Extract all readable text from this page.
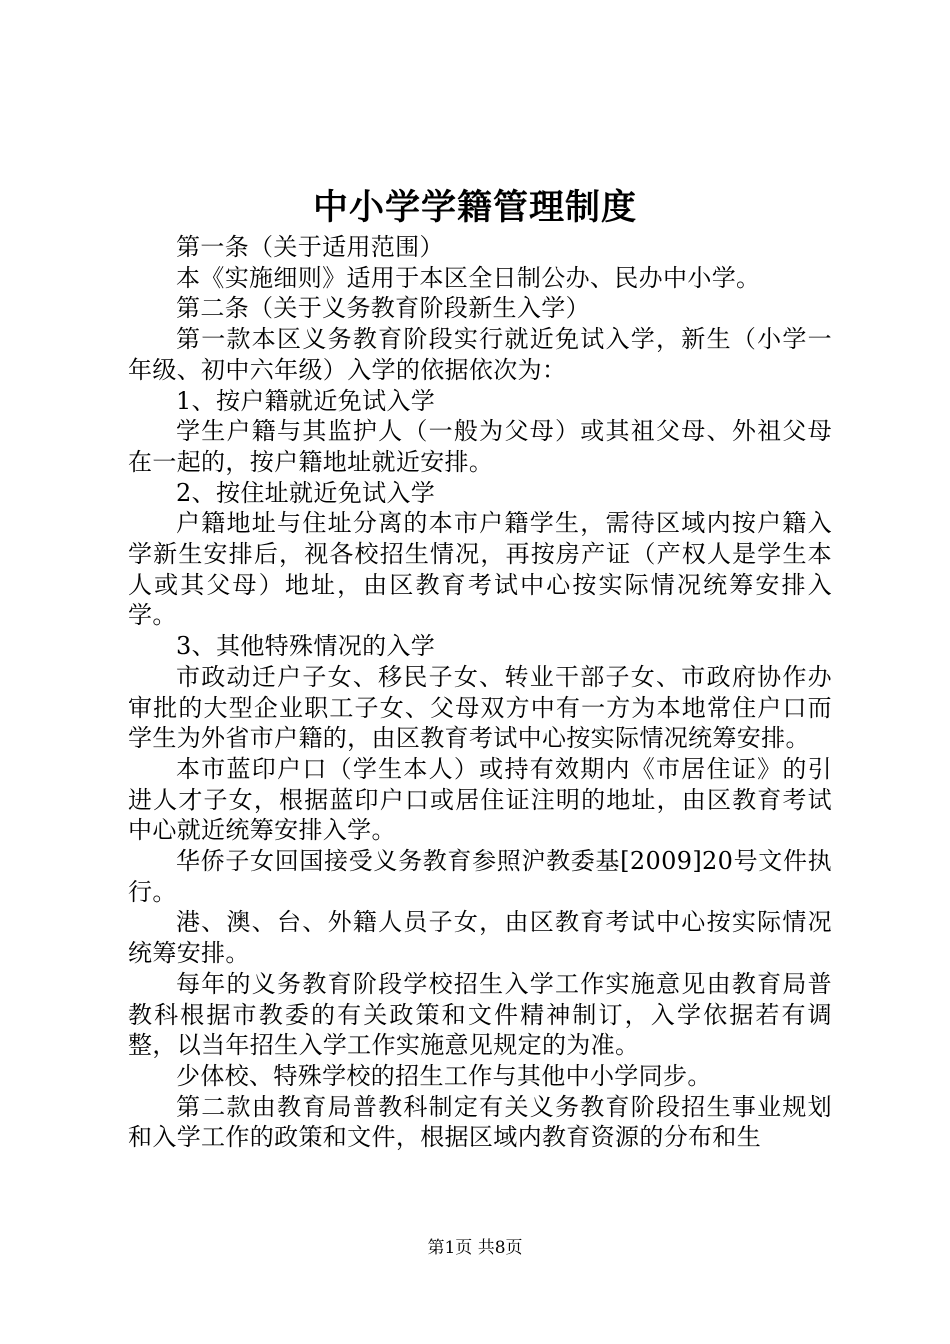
中小学学籍管理制度

第一条（关于适用范围）

本《实施细则》适用于本区全日制公办、民办中小学。

第二条（关于义务教育阶段新生入学）

第一款本区义务教育阶段实行就近免试入学，新生（小学一年级、初中六年级）入学的依据依次为：

1、按户籍就近免试入学

学生户籍与其监护人（一般为父母）或其祖父母、外祖父母在一起的，按户籍地址就近安排。

2、按住址就近免试入学

户籍地址与住址分离的本市户籍学生，需待区域内按户籍入学新生安排后，视各校招生情况，再按房产证（产权人是学生本人或其父母）地址，由区教育考试中心按实际情况统筹安排入学。

3、其他特殊情况的入学

市政动迁户子女、移民子女、转业干部子女、市政府协作办审批的大型企业职工子女、父母双方中有一方为本地常住户口而学生为外省市户籍的，由区教育考试中心按实际情况统筹安排。

本市蓝印户口（学生本人）或持有效期内《市居住证》的引进人才子女，根据蓝印户口或居住证注明的地址，由区教育考试中心就近统筹安排入学。

华侨子女回国接受义务教育参照沪教委基[2009]20号文件执行。

港、澳、台、外籍人员子女，由区教育考试中心按实际情况统筹安排。

每年的义务教育阶段学校招生入学工作实施意见由教育局普教科根据市教委的有关政策和文件精神制订，入学依据若有调整，以当年招生入学工作实施意见规定的为准。

少体校、特殊学校的招生工作与其他中小学同步。

第二款由教育局普教科制定有关义务教育阶段招生事业规划和入学工作的政策和文件，根据区域内教育资源的分布和生

第1页 共8页
